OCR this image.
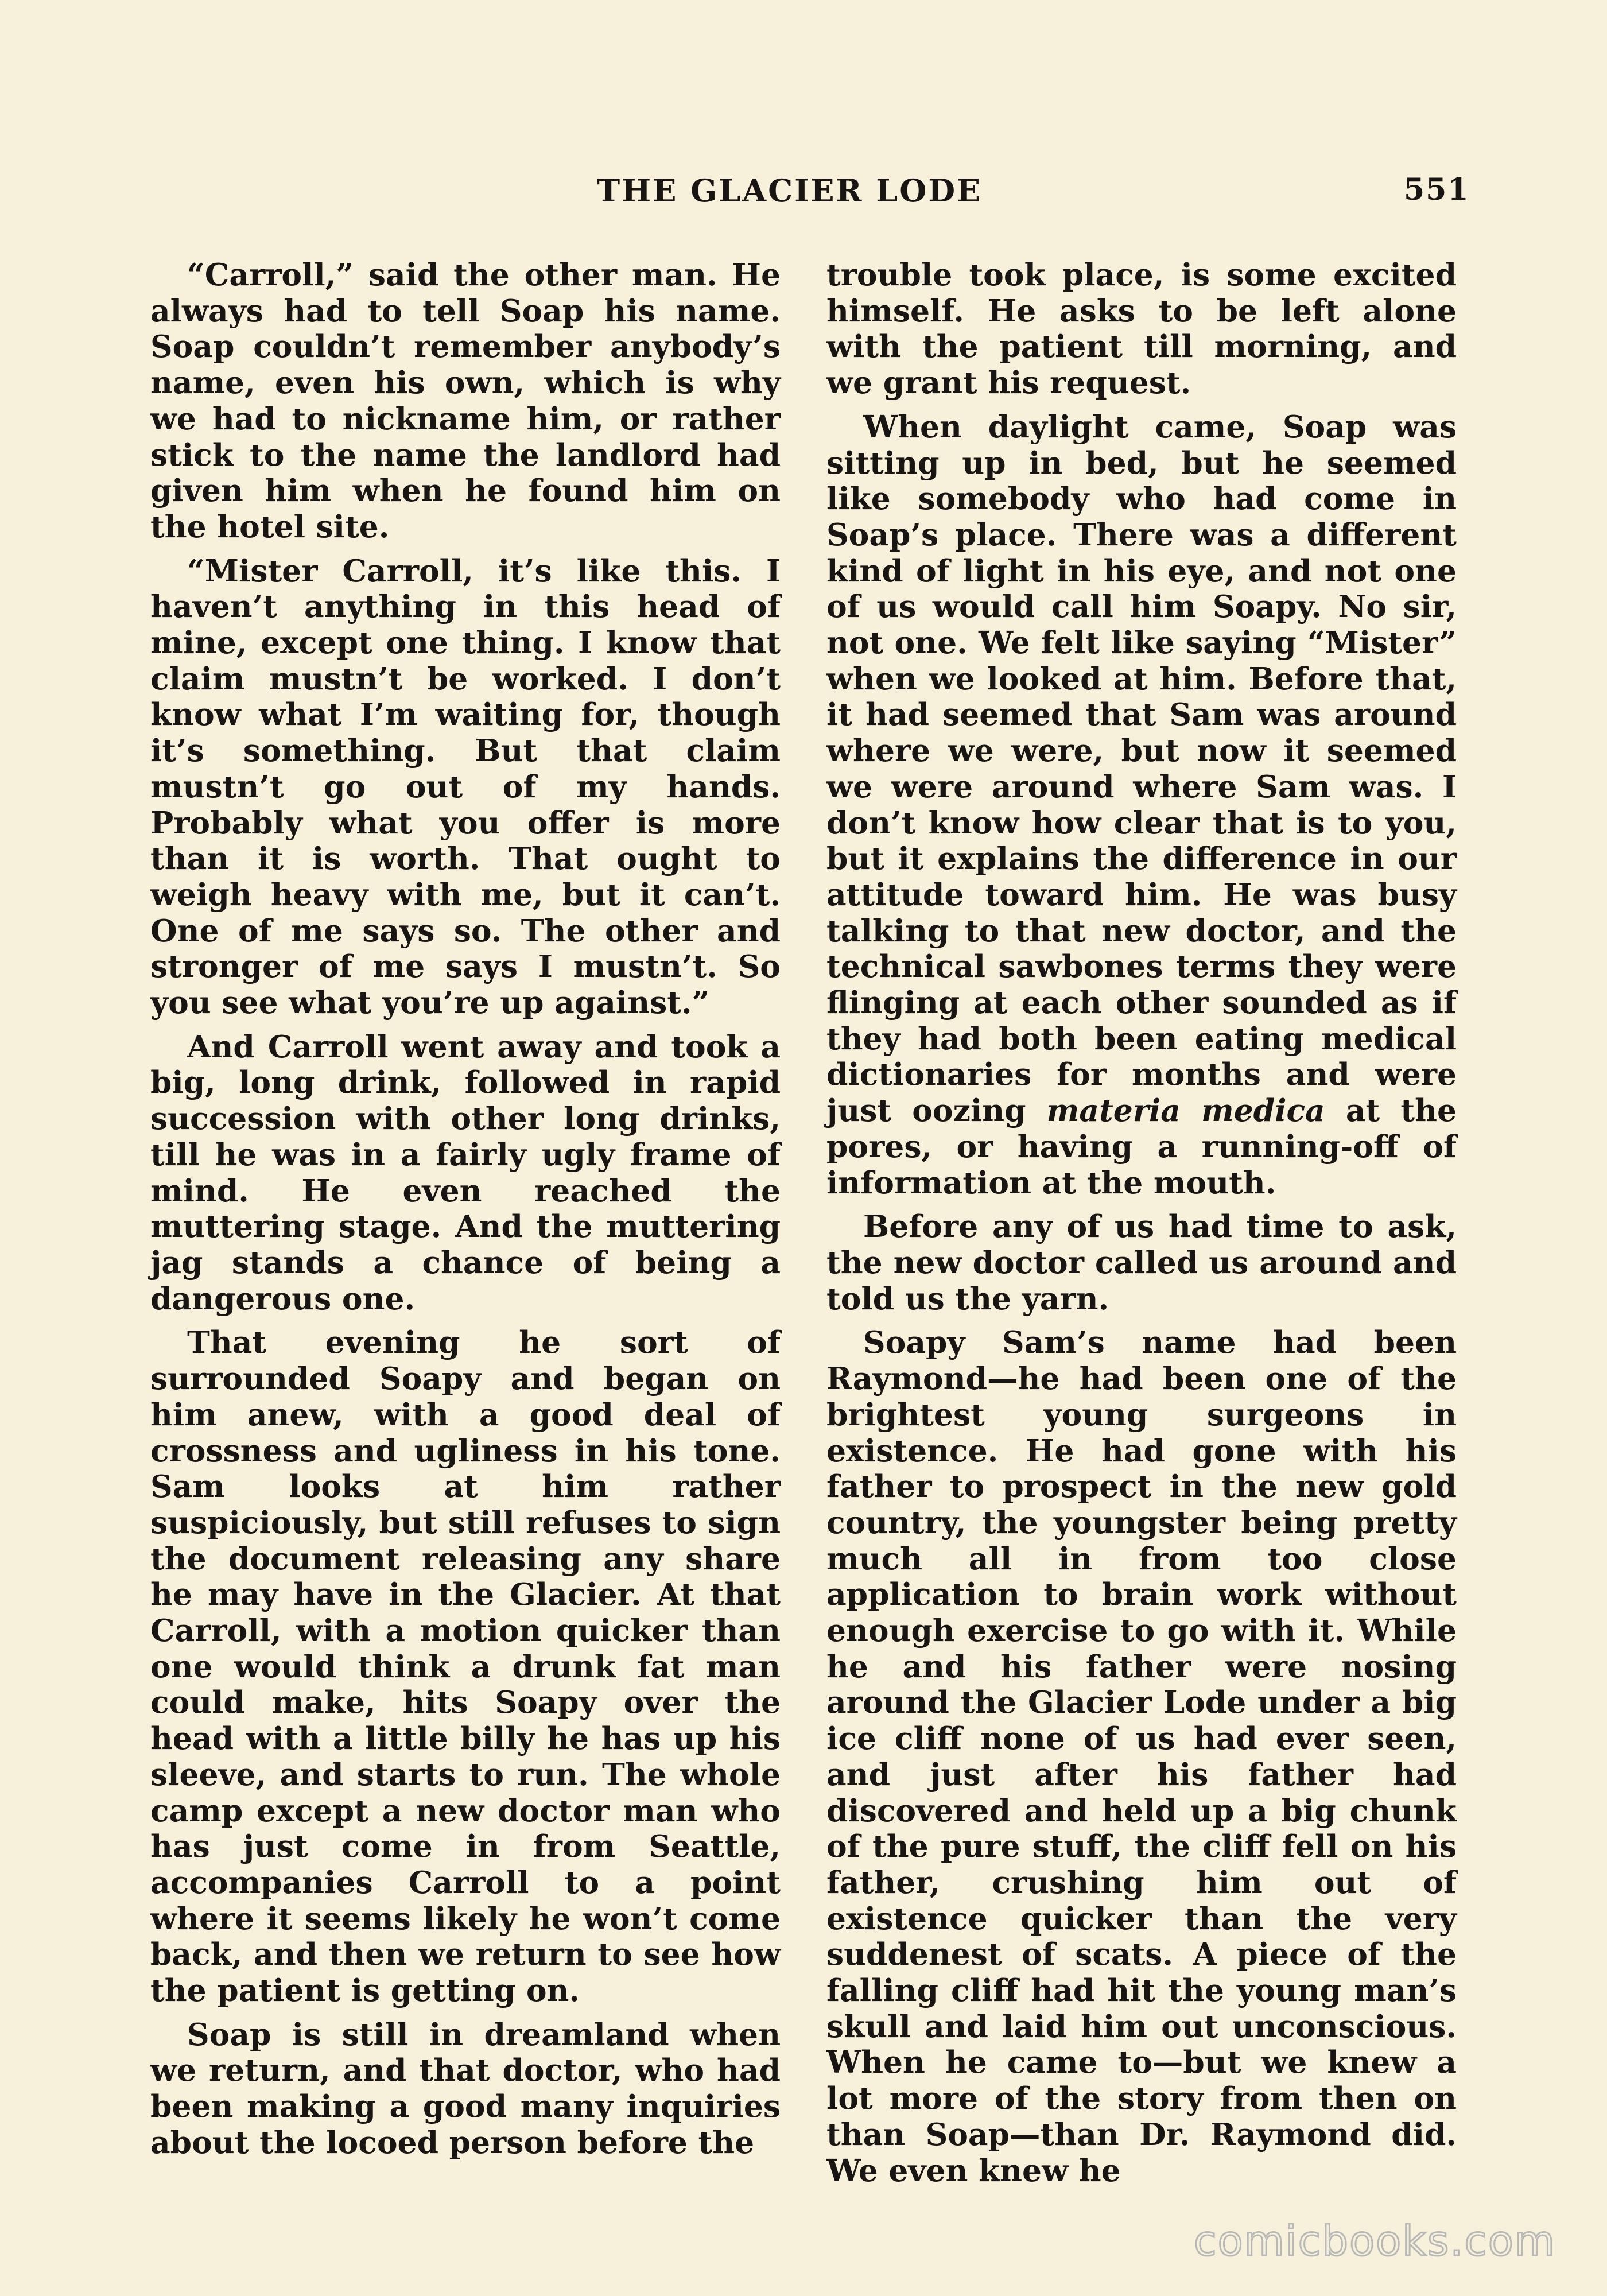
THE GLACIER LODE	551

“Carroll,” said the other man. He always had to tell Soap his name. Soap couldn’t remember anybody’s name, even his own, which is why we had to nickname him, or rather stick to the name the landlord had given him when he found him on the hotel site.

“Mister Carroll, it’s like this. I haven’t anything in this head of mine, except one thing. I know that claim mustn’t be worked. I don’t know what I’m waiting for, though it’s something. But that claim mustn’t go out of my hands. Probably what you offer is more than it is worth. That ought to weigh heavy with me, but it can’t. One of me says so. The other and stronger of me says I mustn’t. So you see what you’re up against.”

And Carroll went away and took a big, long drink, followed in rapid succession with other long drinks, till he was in a fairly ugly frame of mind. He even reached the muttering stage. And the muttering jag stands a chance of being a dangerous one.

That evening he sort of surrounded Soapy and began on him anew, with a good deal of crossness and ugliness in his tone. Sam looks at him rather suspiciously, but still refuses to sign the document releasing any share he may have in the Glacier. At that Carroll, with a motion quicker than one would think a drunk fat man could make, hits Soapy over the head with a little billy he has up his sleeve, and starts to run. The whole camp except a new doctor man who has just come in from Seattle, accompanies Carroll to a point where it seems likely he won’t come back, and then we return to see how the patient is getting on.

Soap is still in dreamland when we return, and that doctor, who had been making a good many inquiries about the locoed person before the

trouble took place, is some excited himself. He asks to be left alone with the patient till morning, and we grant his request.

When daylight came, Soap was sitting up in bed, but he seemed like somebody who had come in Soap’s place. There was a different kind of light in his eye, and not one of us would call him Soapy. No sir, not one. We felt like saying “Mister” when we looked at him. Before that, it had seemed that Sam was around where we were, but now it seemed we were around where Sam was. I don’t know how clear that is to you, but it explains the difference in our attitude toward him. He was busy talking to that new doctor, and the technical sawbones terms they were flinging at each other sounded as if they had both been eating medical dictionaries for months and were just oozing materia medica at the pores, or having a running-off of information at the mouth.

Before any of us had time to ask, the new doctor called us around and told us the yarn.

Soapy Sam’s name had been Raymond—he had been one of the brightest young surgeons in existence. He had gone with his father to prospect in the new gold country, the youngster being pretty much all in from too close application to brain work without enough exercise to go with it. While he and his father were nosing around the Glacier Lode under a big ice cliff none of us had ever seen, and just after his father had discovered and held up a big chunk of the pure stuff, the cliff fell on his father, crushing him out of existence quicker than the very suddenest of scats. A piece of the falling cliff had hit the young man’s skull and laid him out unconscious. When he came to—but we knew a lot more of the story from then on than Soap—than Dr. Raymond did. We even knew he

comicbooks.com
